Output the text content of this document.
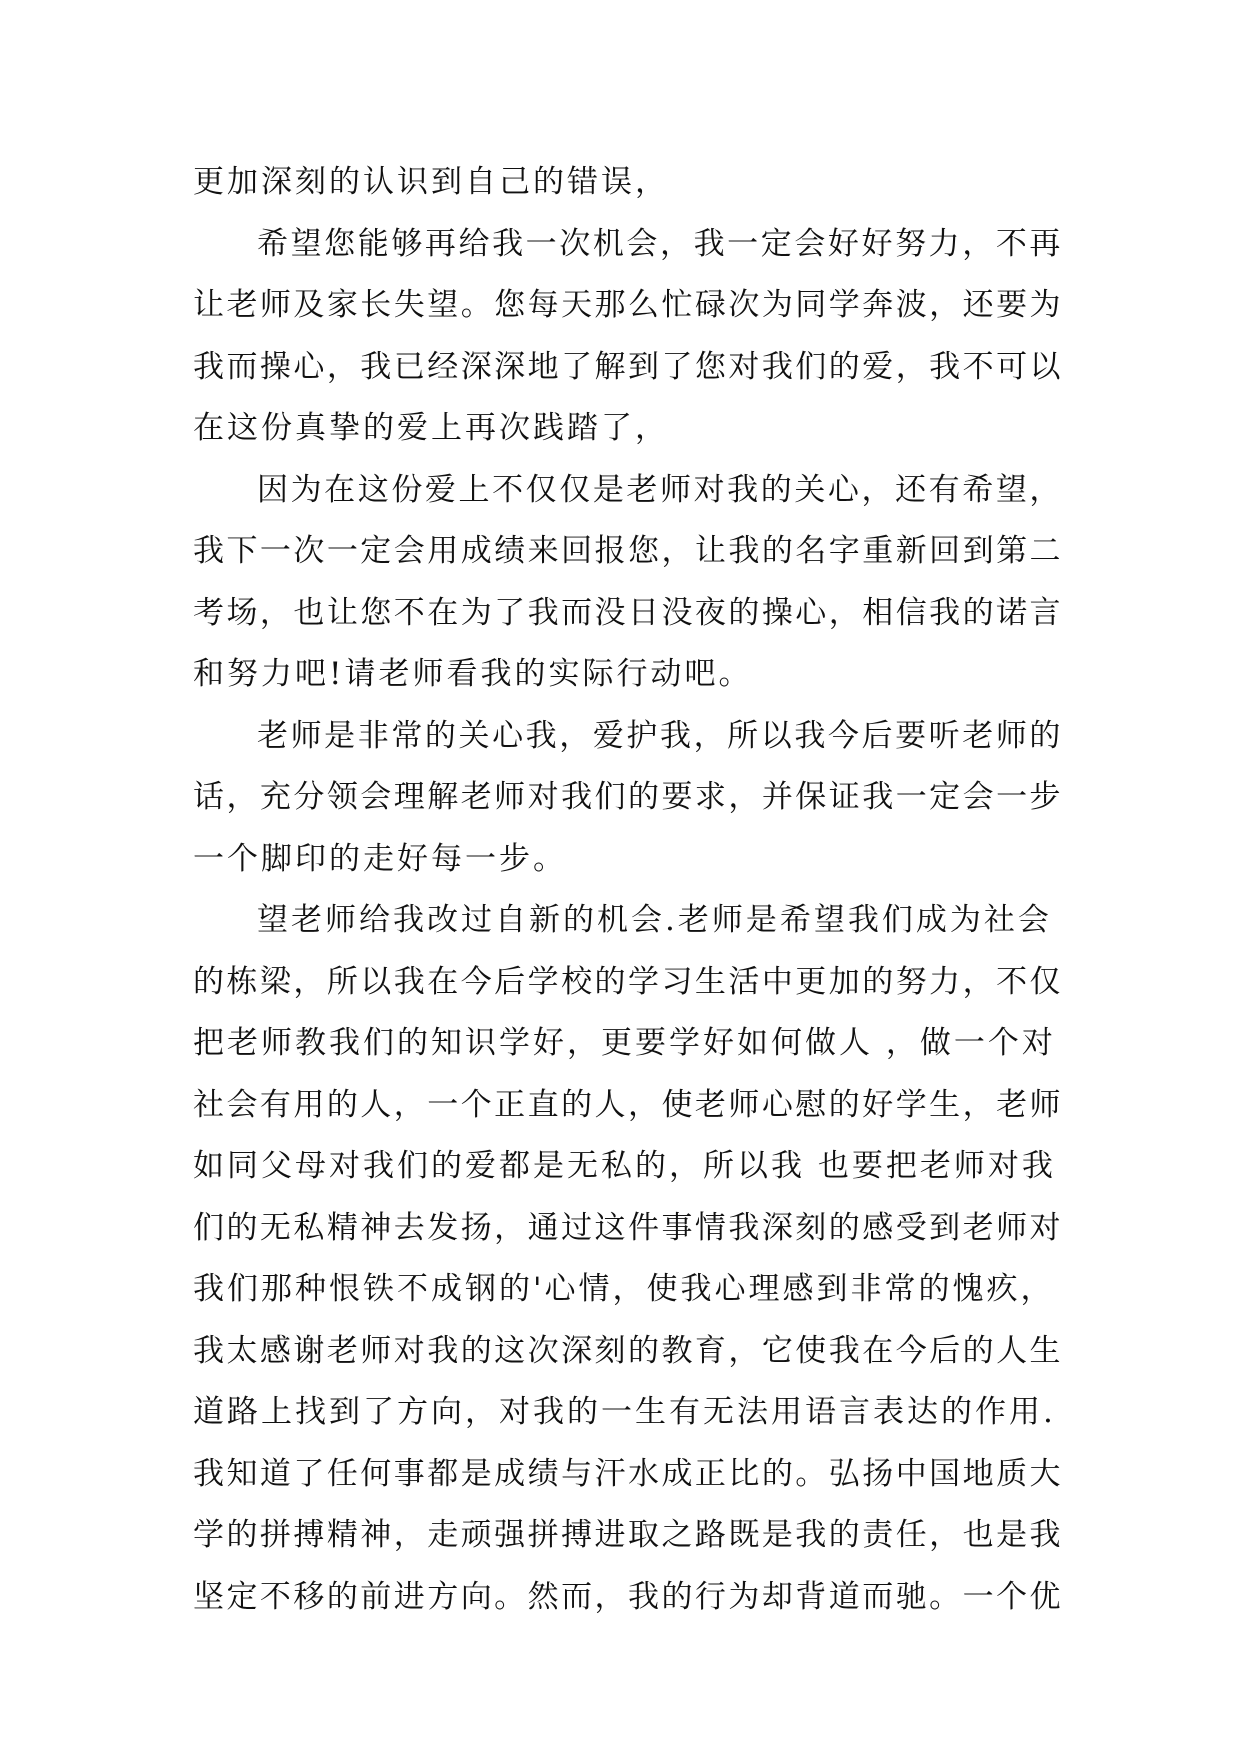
更加深刻的认识到自己的错误，
希望您能够再给我一次机会，我一定会好好努力，不再
让老师及家长失望。您每天那么忙碌次为同学奔波，还要为
我而操心，我已经深深地了解到了您对我们的爱，我不可以
在这份真挚的爱上再次践踏了，
因为在这份爱上不仅仅是老师对我的关心，还有希望，
我下一次一定会用成绩来回报您，让我的名字重新回到第二
考场，也让您不在为了我而没日没夜的操心，相信我的诺言
和努力吧!请老师看我的实际行动吧。
老师是非常的关心我，爱护我，所以我今后要听老师的
话，充分领会理解老师对我们的要求，并保证我一定会一步
一个脚印的走好每一步。
望老师给我改过自新的机会.老师是希望我们成为社会
的栋梁，所以我在今后学校的学习生活中更加的努力，不仅
把老师教我们的知识学好，更要学好如何做人 ，做一个对
社会有用的人，一个正直的人，使老师心慰的好学生，老师
如同父母对我们的爱都是无私的，所以我 也要把老师对我
们的无私精神去发扬，通过这件事情我深刻的感受到老师对
我们那种恨铁不成钢的'心情，使我心理感到非常的愧疚，
我太感谢老师对我的这次深刻的教育，它使我在今后的人生
道路上找到了方向，对我的一生有无法用语言表达的作用.
我知道了任何事都是成绩与汗水成正比的。弘扬中国地质大
学的拼搏精神，走顽强拼搏进取之路既是我的责任，也是我
坚定不移的前进方向。然而，我的行为却背道而驰。一个优
